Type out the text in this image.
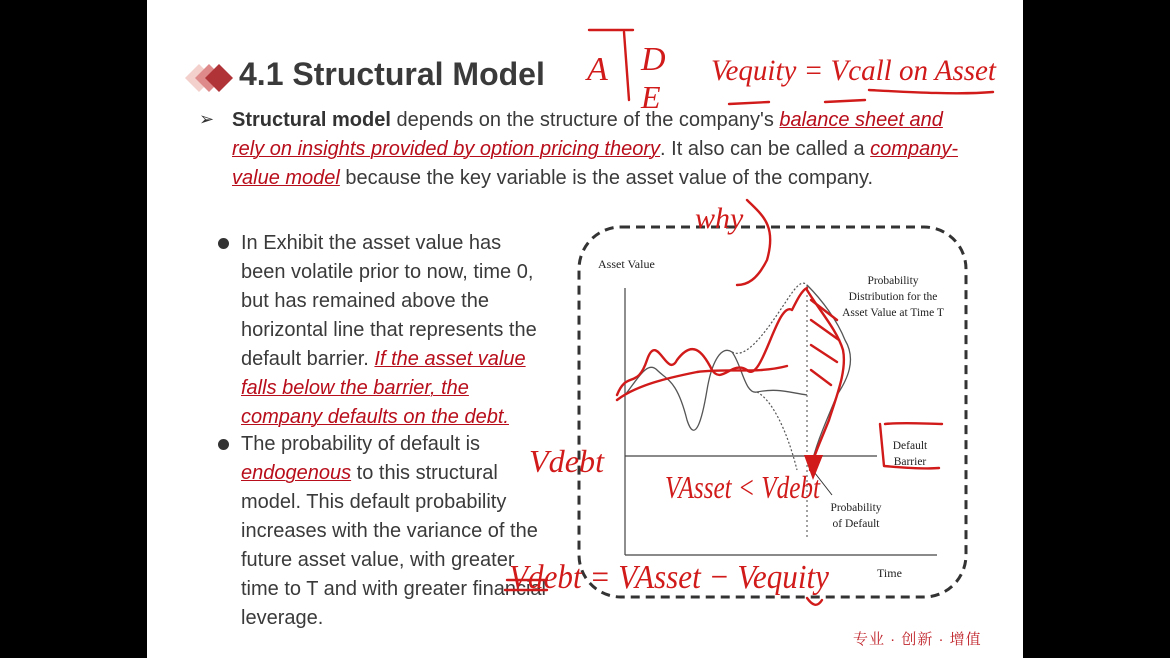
4.1 Structural Model
➢ Structural model depends on the structure of the company's balance sheet and rely on insights provided by option pricing theory. It also can be called a company-value model because the key variable is the asset value of the company.
In Exhibit the asset value has been volatile prior to now, time 0, but has remained above the horizontal line that represents the default barrier. If the asset value falls below the barrier, the company defaults on the debt.
The probability of default is endogenous to this structural model. This default probability increases with the variance of the future asset value, with greater time to T and with greater financial leverage.
专业 · 创新 · 增值
Asset Value
Time
Probability
Distribution for the
Asset Value at Time T
Default
Barrier
Probability
of Default
A D
E
Vequity = Vcall on Asset
why
Vdebt
VAsset < Vdebt
Vdebt = VAsset − Vequity
